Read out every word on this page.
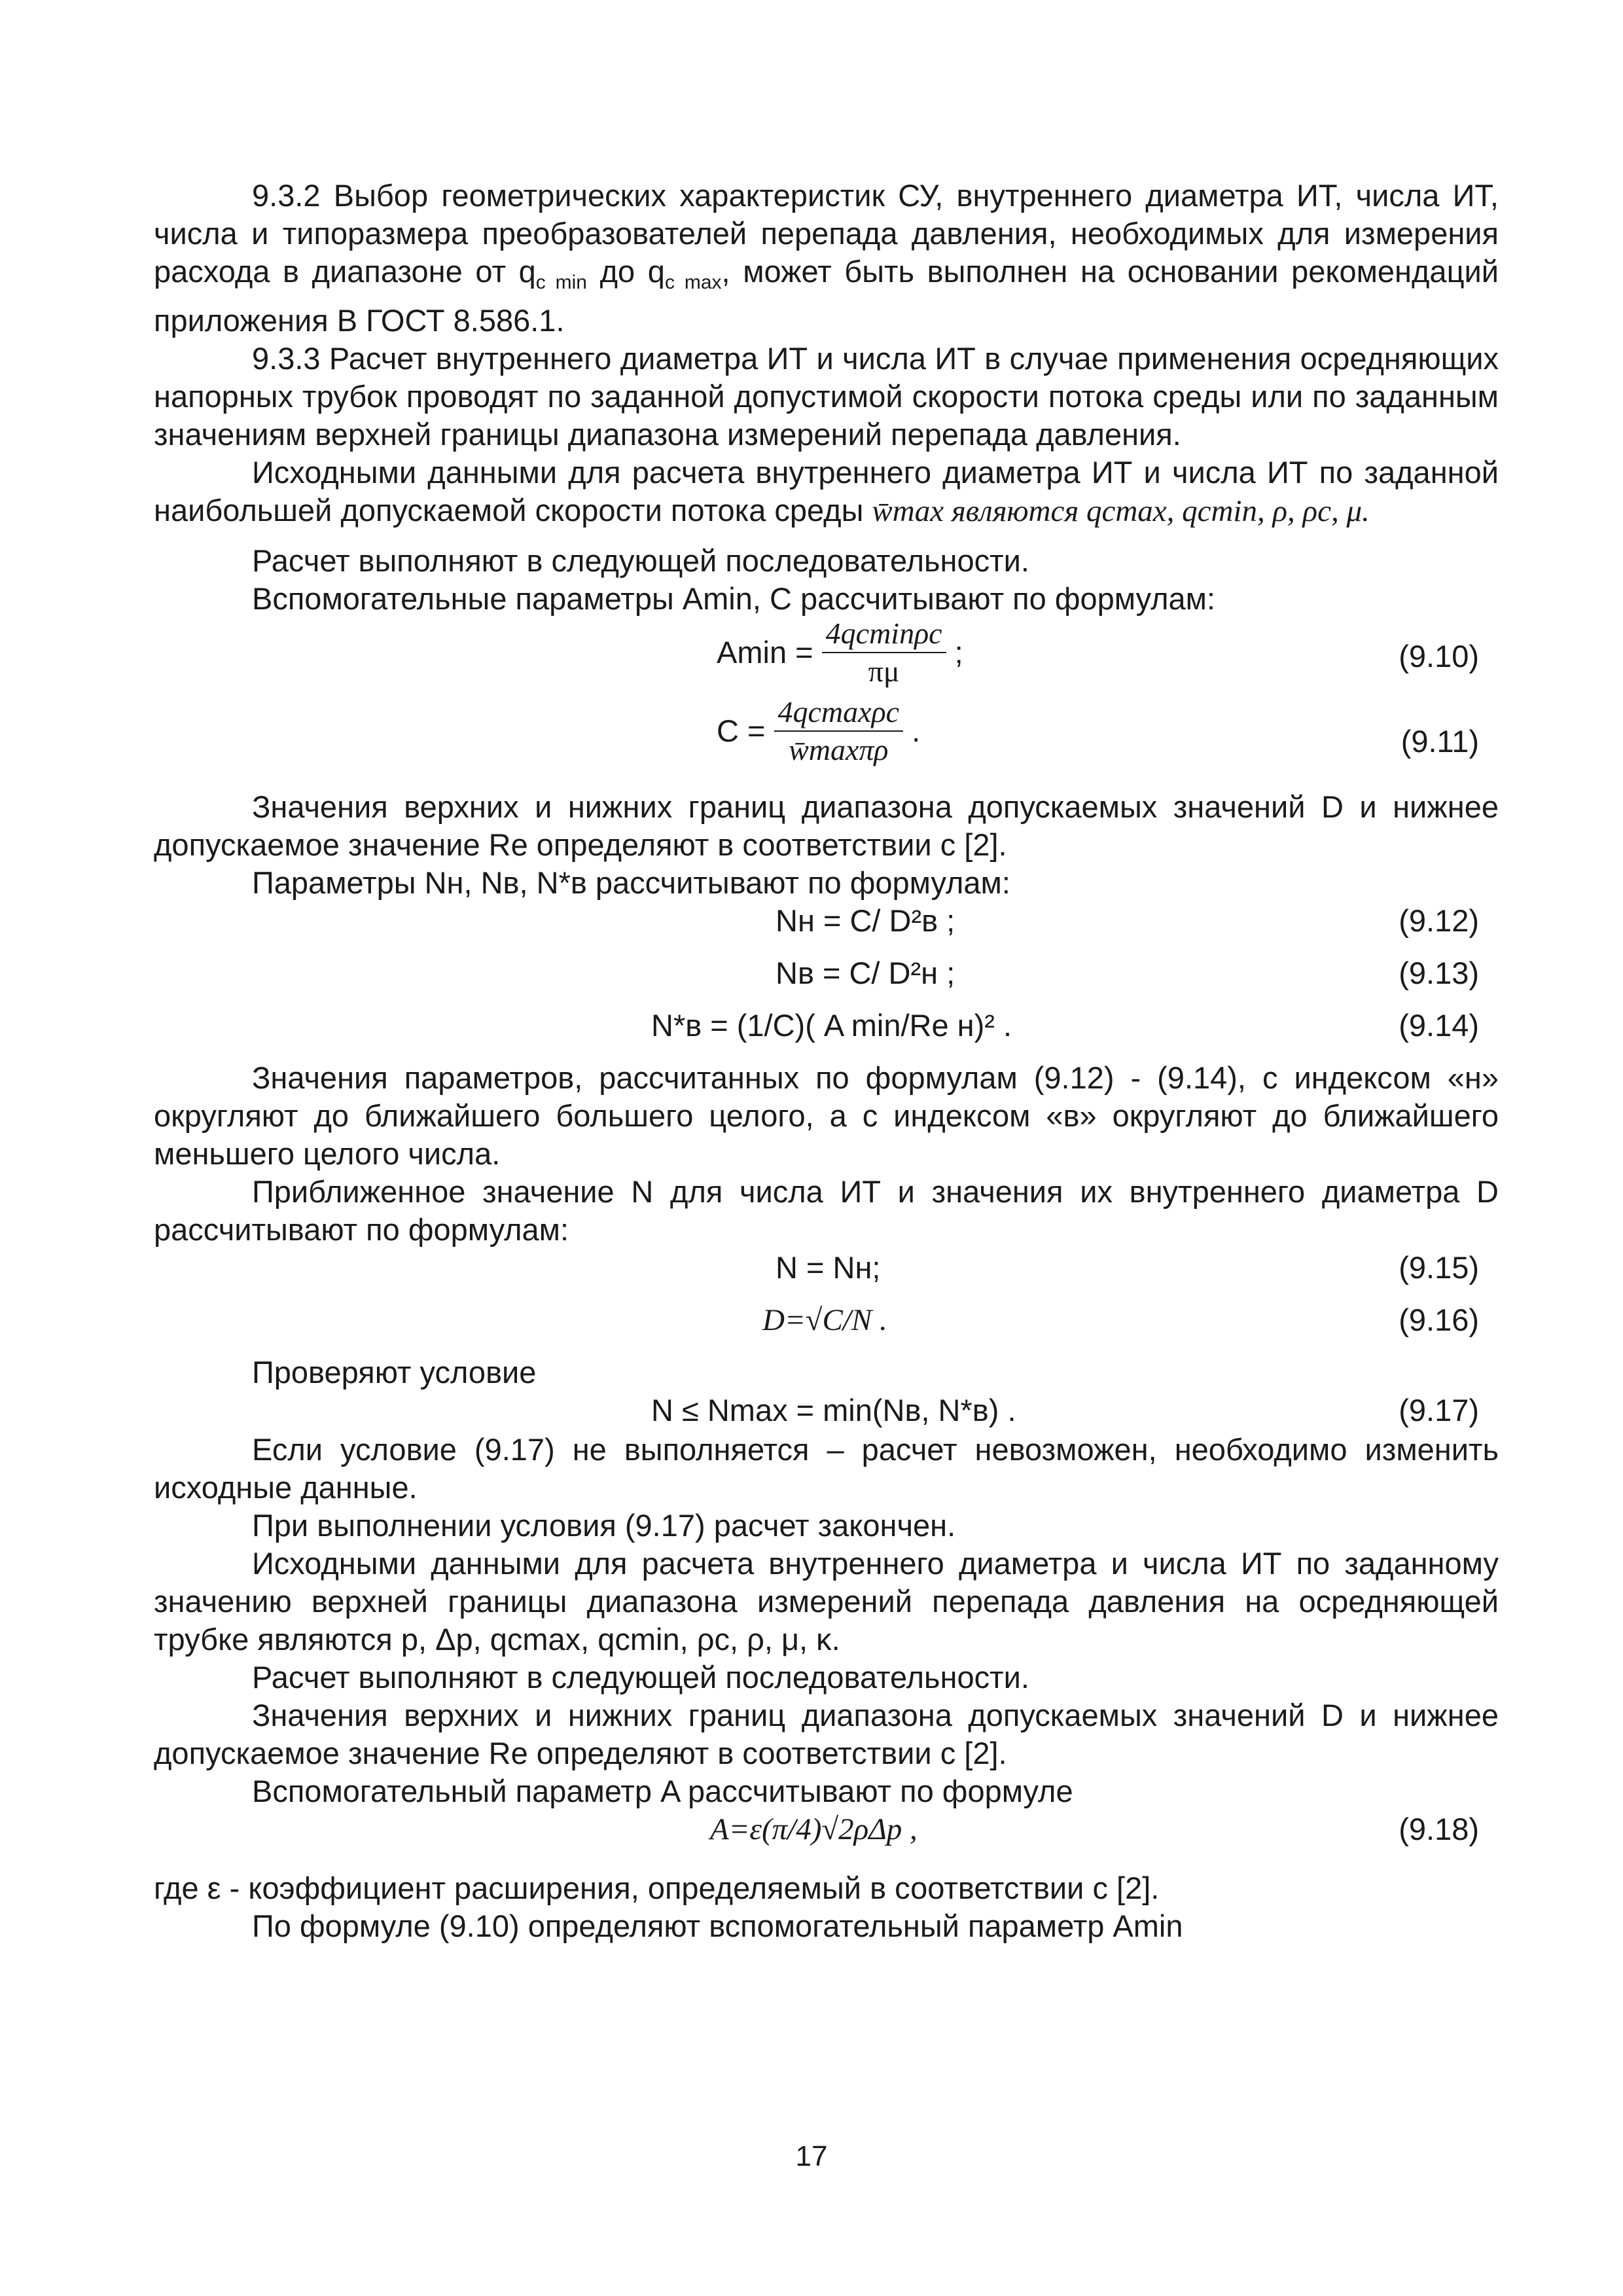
9.3.2 Выбор геометрических характеристик СУ, внутреннего диаметра ИТ, числа ИТ, числа и типоразмера преобразователей перепада давления, необходимых для измерения расхода в диапазоне от $q_{c min}$ до $q_{c max}$, может быть выполнен на основании рекомендаций приложения В ГОСТ 8.586.1.

9.3.3 Расчет внутреннего диаметра ИТ и числа ИТ в случае применения осредняющих напорных трубок проводят по заданной допустимой скорости потока среды или по заданным значениям верхней границы диапазона измерений перепада давления.

Исходными данными для расчета внутреннего диаметра ИТ и числа ИТ по заданной наибольшей допускаемой скорости потока среды w̄max являются qcmax, qcmin, ρ, ρc, μ.

Расчет выполняют в следующей последовательности.

Вспомогательные параметры Amin, C рассчитывают по формулам:

$Amin = \frac{4qcmin\rho c}{\pi\mu}$ ;	(9.10)
$C = \frac{4qcmax\rho c}{w̄\max\pi\rho}$ .	(9.11)

Значения верхних и нижних границ диапазона допускаемых значений D и нижнее допускаемое значение Re определяют в соответствии с [2].

Параметры Nн, Nв, N*в рассчитывают по формулам:

Nн = C/ D²в ;	(9.12)
Nв = C/ D²н ;	(9.13)
N*в = (1/C)( A min/Re н)² .	(9.14)

Значения параметров, рассчитанных по формулам (9.12) - (9.14), с индексом «н» округляют до ближайшего большего целого, а с индексом «в» округляют до ближайшего меньшего целого числа.

Приближенное значение N для числа ИТ и значения их внутреннего диаметра D рассчитывают по формулам:

N = Nн;	(9.15)
D=√C/N .	(9.16)

Проверяют условие

N ≤ Nmax = min(Nв, N*в) .	(9.17)

Если условие (9.17) не выполняется – расчет невозможен, необходимо изменить исходные данные.

При выполнении условия (9.17) расчет закончен.

Исходными данными для расчета внутреннего диаметра и числа ИТ по заданному значению верхней границы диапазона измерений перепада давления на осредняющей трубке являются p, Δp, qcmax, qcmin, ρc, ρ, μ, κ.

Расчет выполняют в следующей последовательности.

Значения верхних и нижних границ диапазона допускаемых значений D и нижнее допускаемое значение Re определяют в соответствии с [2].

Вспомогательный параметр A рассчитывают по формуле

A=ε(π/4)√2ρΔp ,	(9.18)

где ε - коэффициент расширения, определяемый в соответствии с [2].

По формуле (9.10) определяют вспомогательный параметр Amin

17
